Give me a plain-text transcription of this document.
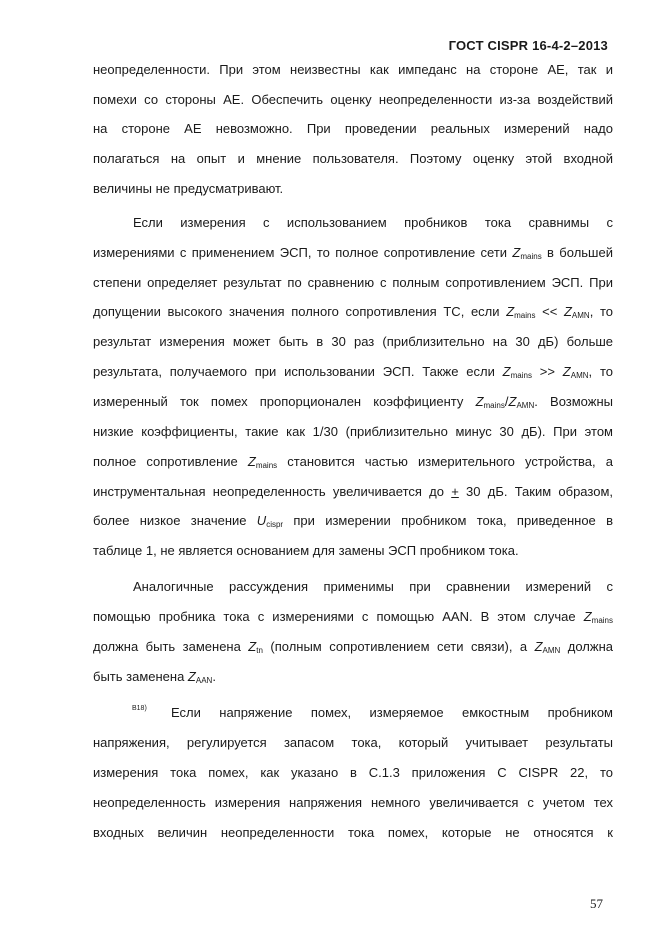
ГОСТ CISPR 16-4-2–2013
неопределенности. При этом неизвестны как импеданс на стороне AE, так и
помехи со стороны AE. Обеспечить оценку неопределенности из-за воздействий
на стороне AE невозможно. При проведении реальных измерений надо
полагаться на опыт и мнение пользователя. Поэтому оценку этой входной
величины не предусматривают.
Если измерения с использованием пробников тока сравнимы с
измерениями с применением ЭСП, то полное сопротивление сети $Z_{mains}$ в большей
степени определяет результат по сравнению с полным сопротивлением ЭСП. При
допущении высокого значения полного сопротивления TC, если $Z_{mains} << Z_{AMN}$, то
результат измерения может быть в 30 раз (приблизительно на 30 дБ) больше
результата, получаемого при использовании ЭСП. Также если $Z_{mains} >> Z_{AMN}$, то
измеренный ток помех пропорционален коэффициенту $Z_{mains}/Z_{AMN}$. Возможны
низкие коэффициенты, такие как 1/30 (приблизительно минус 30 дБ). При этом
полное сопротивление $Z_{mains}$ становится частью измерительного устройства, а
инструментальная неопределенность увеличивается до + 30 дБ. Таким образом,
более низкое значение $U_{cispr}$ при измерении пробником тока, приведенное в
таблице 1, не является основанием для замены ЭСП пробником тока.
Аналогичные рассуждения применимы при сравнении измерений с
помощью пробника тока с измерениями с помощью AAN. В этом случае $Z_{mains}$
должна быть заменена $Z_{tn}$ (полным сопротивлением сети связи), а $Z_{AMN}$ должна
быть заменена $Z_{AAN}$.
Если напряжение помех, измеряемое емкостным пробником
напряжения, регулируется запасом тока, который учитывает результаты
измерения тока помех, как указано в C.1.3 приложения C CISPR 22, то
неопределенность измерения напряжения немного увеличивается с учетом тех
входных величин неопределенности тока помех, которые не относятся к
B18)
57
